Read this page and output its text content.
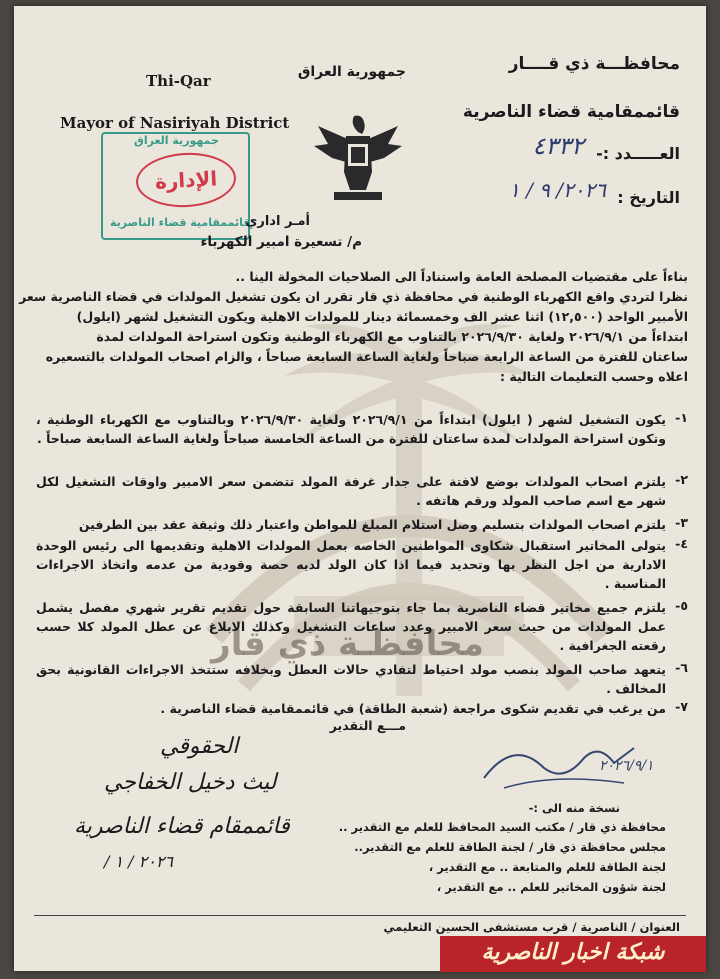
محافظـة ذي قار
محافظـــة ذي قــــار
جمهورية العراق
قائممقامية قضاء الناصرية
العـــــدد :-
٤٣٣٢
التاريخ :
٢٠٢٦/ ٩ / ١
Thi-Qar
Mayor of Nasiriyah District
جمهورية العراق
الإدارة
قائممقامية قضاء الناصرية
أمـر اداري
م/ تسعيرة امبير الكهرباء
بناءاً على مقتضيات المصلحة العامة واستناداً الى الصلاحيات المخولة الينا ..
نظرا لتردي واقع الكهرباء الوطنية في محافظة ذي قار تقرر ان يكون تشغيل المولدات في قضاء الناصرية سعر
الأمبير الواحد (١٢,٥٠٠) اثنا عشر الف وخمسمائة دينار للمولدات الاهلية ويكون التشغيل لشهر (ايلول)
ابتداءاً من ٢٠٢٦/٩/١ ولغاية ٢٠٢٦/٩/٣٠ بالتناوب مع الكهرباء الوطنية وتكون استراحة المولدات لمدة
ساعتان للفترة من الساعة الرابعة صباحاً ولغاية الساعة السابعة صباحاً ، والزام اصحاب المولدات بالتسعيره
اعلاه وحسب التعليمات التالية :
١-
يكون التشغيل لشهر ( ايلول) ابتداءاً من ٢٠٢٦/٩/١ ولغاية ٢٠٢٦/٩/٣٠ وبالتناوب مع الكهرباء الوطنية ، وتكون استراحة المولدات لمدة ساعتان للفترة من الساعة الخامسة صباحاً ولغاية الساعة السابعة صباحاً .
٢-
يلتزم اصحاب المولدات بوضع لافتة على جدار غرفة المولد تتضمن سعر الامبير واوقات التشغيل لكل شهر مع اسم صاحب المولد ورقم هاتفه .
٣-
يلتزم اصحاب المولدات بتسليم وصل استلام المبلغ للمواطن واعتبار ذلك وثيقة عقد بين الطرفين
٤-
يتولى المخاتير استقبال شكاوى المواطنين الخاصه بعمل المولدات الاهلية وتقديمها الى رئيس الوحدة الادارية من اجل النظر بها وتحديد فيما اذا كان الولد لديه حصة وقودية من عدمه واتخاذ الاجراءات المناسبة .
٥-
يلتزم جميع مخاتير قضاء الناصرية بما جاء بتوجيهاتنا السابقة حول تقديم تقرير شهري مفصل يشمل عمل المولدات من حيث سعر الامبير وعدد ساعات التشغيل وكذلك الابلاغ عن عطل المولد كلا حسب رقعته الجغرافية .
٦-
يتعهد صاحب المولد بنصب مولد احتياط لتفادي حالات العطل وبخلافه ستتخذ الاجراءات القانونية بحق المخالف .
٧-
من يرغب في تقديم شكوى مراجعة (شعبة الطاقة) في قائممقامية قضاء الناصرية .
مـــع التقدير
الحقوقي
ليث دخيل الخفاجي
قائممقام قضاء الناصرية
٢٠٢٦ / ١ /
٢٠٢٦/٩/١
نسخة منه الى :-
محافظة ذي قار / مكتب السيد المحافظ للعلم مع التقدير ..
مجلس محافظة ذي قار / لجنة الطاقة للعلم مع التقدير..
لجنة الطاقة للعلم والمتابعة .. مع التقدير ،
لجنة شؤون المخاتير للعلم .. مع التقدير ،
العنوان / الناصرية / قرب مستشفى الحسين التعليمي
شبكة اخبار الناصرية
